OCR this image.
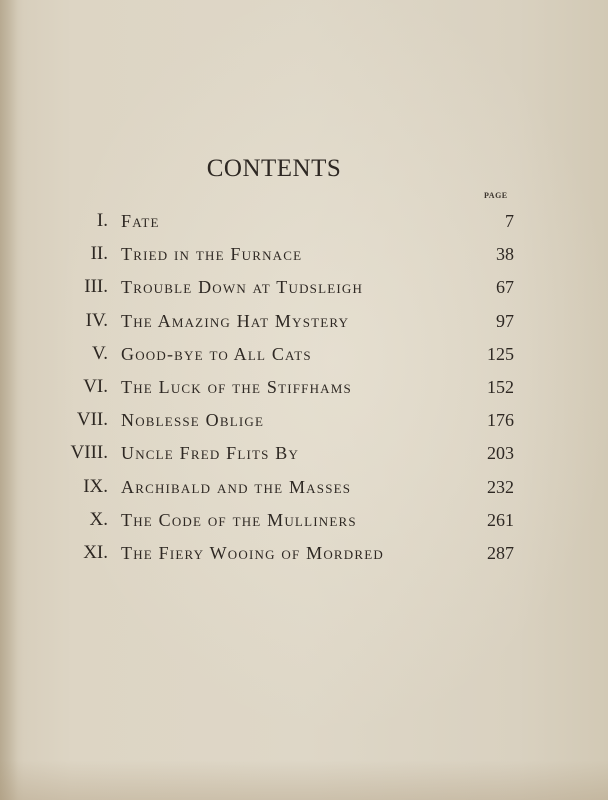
CONTENTS
PAGE
I. Fate	7
II. Tried in the Furnace	38
III. Trouble Down at Tudsleigh	67
IV. The Amazing Hat Mystery	97
V. Good-bye to All Cats	125
VI. The Luck of the Stiffhams	152
VII. Noblesse Oblige	176
VIII. Uncle Fred Flits By	203
IX. Archibald and the Masses	232
X. The Code of the Mulliners	261
XI. The Fiery Wooing of Mordred	287
